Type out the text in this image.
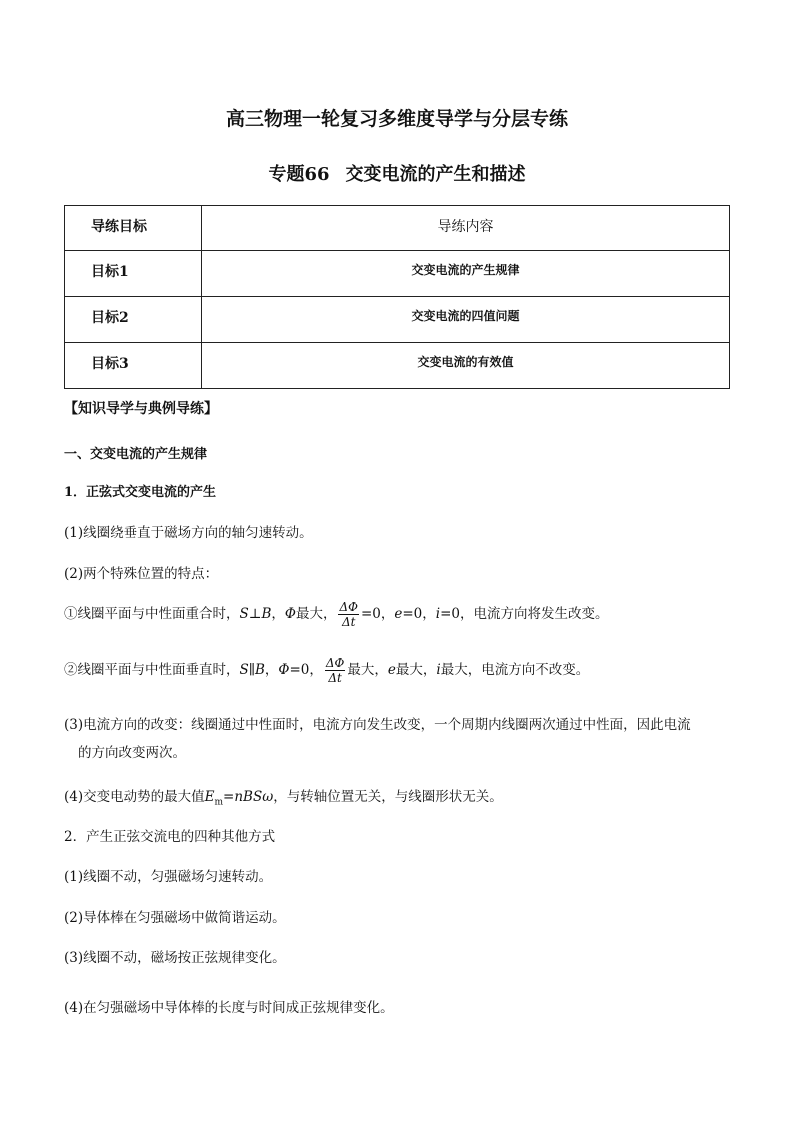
高三物理一轮复习多维度导学与分层专练
专题66 交变电流的产生和描述
导练目标	导练内容
目标1	交变电流的产生规律
目标2	交变电流的四值问题
目标3	交变电流的有效值
【知识导学与典例导练】
一、交变电流的产生规律
1．正弦式交变电流的产生
(1)线圈绕垂直于磁场方向的轴匀速转动。
(2)两个特殊位置的特点：
①线圈平面与中性面重合时，S⊥B，Φ最大， $\frac{\Delta\Phi}{\Delta t} =0$，e=0，i=0，电流方向将发生改变。
②线圈平面与中性面垂直时，S∥B，Φ=0， $\frac{\Delta\Phi}{\Delta t}$ 最大，e最大，i最大，电流方向不改变。
(3)电流方向的改变：线圈通过中性面时，电流方向发生改变，一个周期内线圈两次通过中性面，因此电流
的方向改变两次。
(4)交变电动势的最大值$E_m=nBS\omega$，与转轴位置无关，与线圈形状无关。
2．产生正弦交流电的四种其他方式
(1)线圈不动，匀强磁场匀速转动。
(2)导体棒在匀强磁场中做简谐运动。
(3)线圈不动，磁场按正弦规律变化。
(4)在匀强磁场中导体棒的长度与时间成正弦规律变化。
